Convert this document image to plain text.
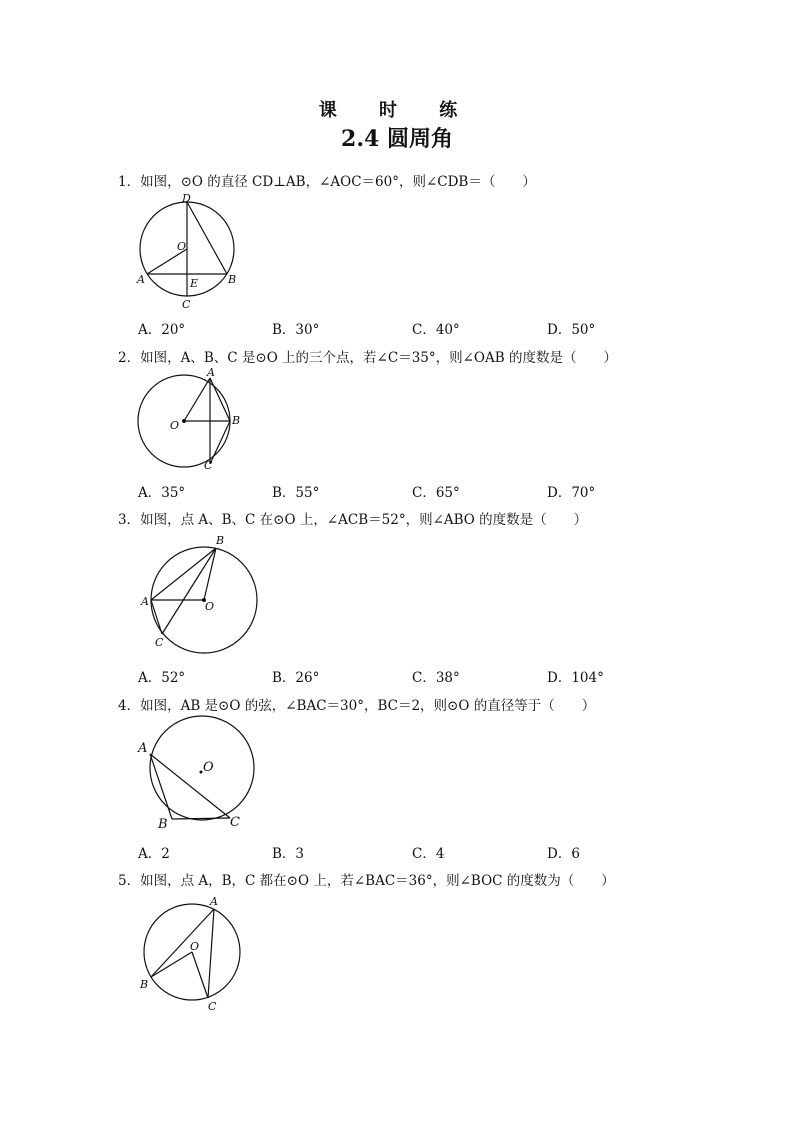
课 时 练
2.4 圆周角
1．如图，⊙O 的直径 CD⊥AB，∠AOC＝60°，则∠CDB＝（　　）
D
O
A	E	B
C
A．20°	B．30°	C．40°	D．50°
2．如图，A、B、C 是⊙O 上的三个点，若∠C＝35°，则∠OAB 的度数是（　　）
A
O	B
C
A．35°	B．55°	C．65°	D．70°
3．如图，点 A、B、C 在⊙O 上，∠ACB＝52°，则∠ABO 的度数是（　　）
B
A	O
C
A．52°	B．26°	C．38°	D．104°
4．如图，AB 是⊙O 的弦，∠BAC＝30°，BC＝2，则⊙O 的直径等于（　　）
A
O
B	C
A．2	B．3	C．4	D．6
5．如图，点 A，B，C 都在⊙O 上，若∠BAC＝36°，则∠BOC 的度数为（　　）
A
O
B
C
